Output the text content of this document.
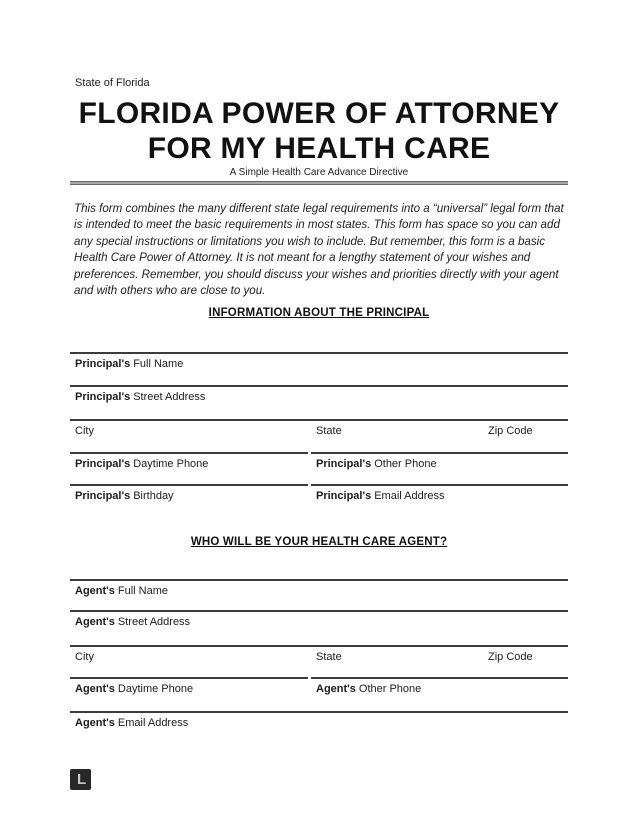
State of Florida
FLORIDA POWER OF ATTORNEY
FOR MY HEALTH CARE
A Simple Health Care Advance Directive
This form combines the many different state legal requirements into a “universal” legal form that is intended to meet the basic requirements in most states. This form has space so you can add any special instructions or limitations you wish to include. But remember, this form is a basic Health Care Power of Attorney. It is not meant for a lengthy statement of your wishes and preferences. Remember, you should discuss your wishes and priorities directly with your agent and with others who are close to you.
INFORMATION ABOUT THE PRINCIPAL
Principal's Full Name
Principal's Street Address
City	State	Zip Code
Principal's Daytime Phone	Principal's Other Phone
Principal's Birthday	Principal's Email Address
WHO WILL BE YOUR HEALTH CARE AGENT?
Agent's Full Name
Agent's Street Address
City	State	Zip Code
Agent's Daytime Phone	Agent's Other Phone
Agent's Email Address
L
